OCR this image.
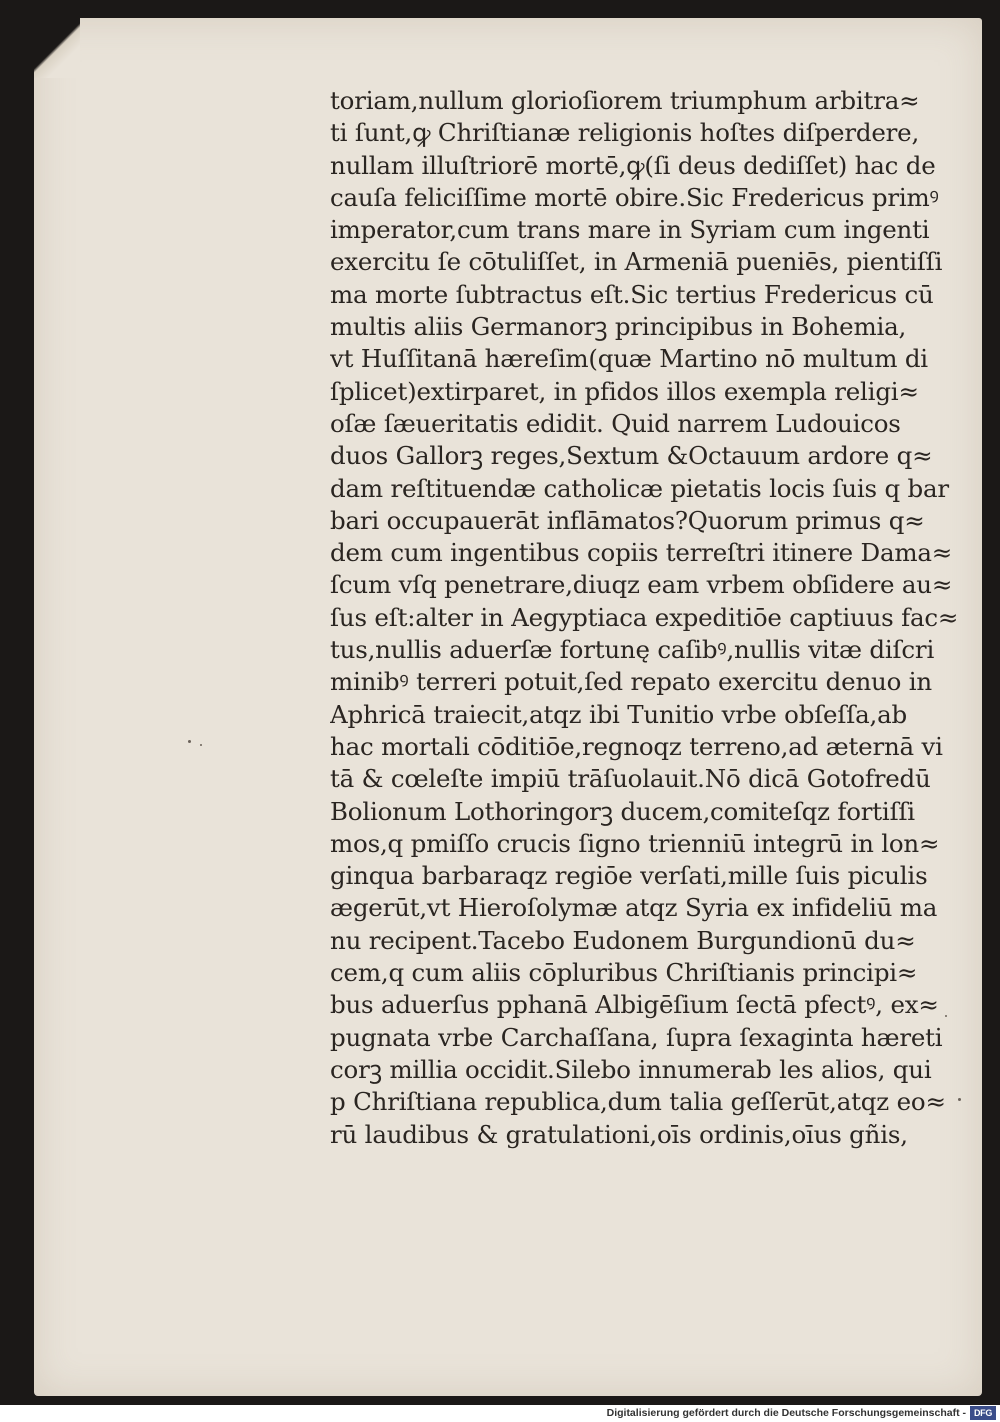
toriam,nullum glorioſiorem triumphum arbitra≈
ti ſunt,ꝙ Chriſtianæ religionis hoſtes diſperdere,
nullam illuſtriorē mortē,ꝙ(ſi deus dediſſet) hac de
cauſa feliciſſime mortē obire.Sic Fredericus primꝰ
imperator,cum trans mare in Syriam cum ingenti
exercitu ſe cōtuliſſet, in Armeniā pueniēs, pientiſſi
ma morte ſubtractus eſt.Sic tertius Fredericus cū
multis aliis Germanorꝫ principibus in Bohemia,
vt Huſſitanā hæreſim(quæ Martino nō multum di
ſplicet)extirparet, in pfidos illos exempla religi≈
oſæ ſæueritatis edidit. Quid narrem Ludouicos
duos Gallorꝫ reges,Sextum &Octauum ardore q≈
dam reſtituendæ catholicæ pietatis locis ſuis q bar
bari occupauerāt inflāmatos?Quorum primus q≈
dem cum ingentibus copiis terreſtri itinere Dama≈
ſcum vſq penetrare,diuqz eam vrbem obſidere au≈
ſus eſt:alter in Aegyptiaca expeditiōe captiuus fac≈
tus,nullis aduerſæ fortunę caſibꝰ,nullis vitæ diſcri
minibꝰ terreri potuit,ſed repato exercitu denuo in
Aphricā traiecit,atqz ibi Tunitio vrbe obſeſſa,ab
hac mortali cōditiōe,regnoqz terreno,ad æternā vi
tā & cœleſte impiū trāſuolauit.Nō dicā Gotofredū
Bolionum Lothoringorꝫ ducem,comiteſqz fortiſſi
mos,q pmiſſo crucis ſigno trienniū integrū in lon≈
ginqua barbaraqz regiōe verſati,mille ſuis piculis
ægerūt,vt Hieroſolymæ atqz Syria ex infideliū ma
nu recipent.Tacebo Eudonem Burgundionū du≈
cem,q cum aliis cōpluribus Chriſtianis principi≈
bus aduerſus pphanā Albigēſium ſectā pfectꝰ, ex≈
pugnata vrbe Carchaſſana, ſupra ſexaginta hæreti
corꝫ millia occidit.Silebo innumerab les alios, qui
p Chriſtiana republica,dum talia geſſerūt,atqz eo≈
rū laudibus & gratulationi,oīs ordinis,oīus gñis,
Digitalisierung gefördert durch die Deutsche Forschungsgemeinschaft - DFG
